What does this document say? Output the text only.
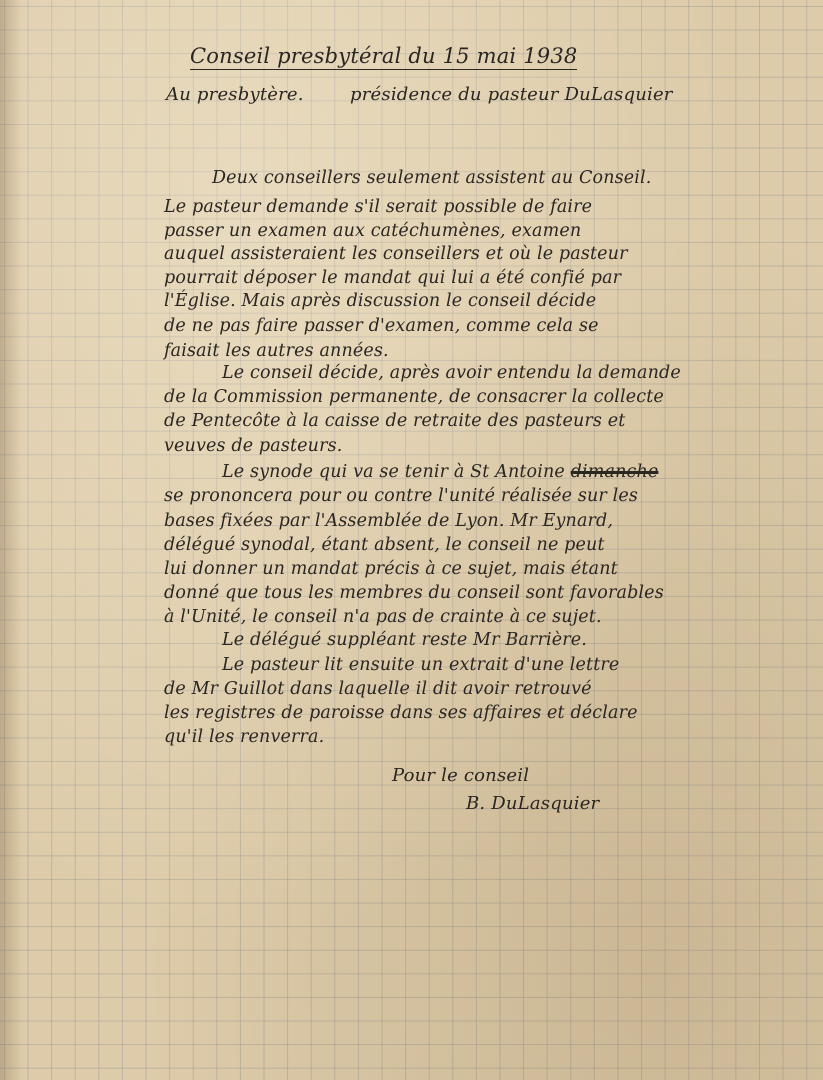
Conseil presbytéral du 15 mai 1938
Au presbytère.	présidence du pasteur DuLasquier
Deux conseillers seulement assistent au Conseil.
Le pasteur demande s'il serait possible de faire
passer un examen aux catéchumènes, examen
auquel assisteraient les conseillers et où le pasteur
pourrait déposer le mandat qui lui a été confié par
l'Église. Mais après discussion le conseil décide
de ne pas faire passer d'examen, comme cela se
faisait les autres années.
Le conseil décide, après avoir entendu la demande
de la Commission permanente, de consacrer la collecte
de Pentecôte à la caisse de retraite des pasteurs et
veuves de pasteurs.
Le synode qui va se tenir à St Antoine dimanche
se prononcera pour ou contre l'unité réalisée sur les
bases fixées par l'Assemblée de Lyon. Mr Eynard,
délégué synodal, étant absent, le conseil ne peut
lui donner un mandat précis à ce sujet, mais étant
donné que tous les membres du conseil sont favorables
à l'Unité, le conseil n'a pas de crainte à ce sujet.
Le délégué suppléant reste Mr Barrière.
Le pasteur lit ensuite un extrait d'une lettre
de Mr Guillot dans laquelle il dit avoir retrouvé
les registres de paroisse dans ses affaires et déclare
qu'il les renverra.
Pour le conseil
B. DuLasquier
